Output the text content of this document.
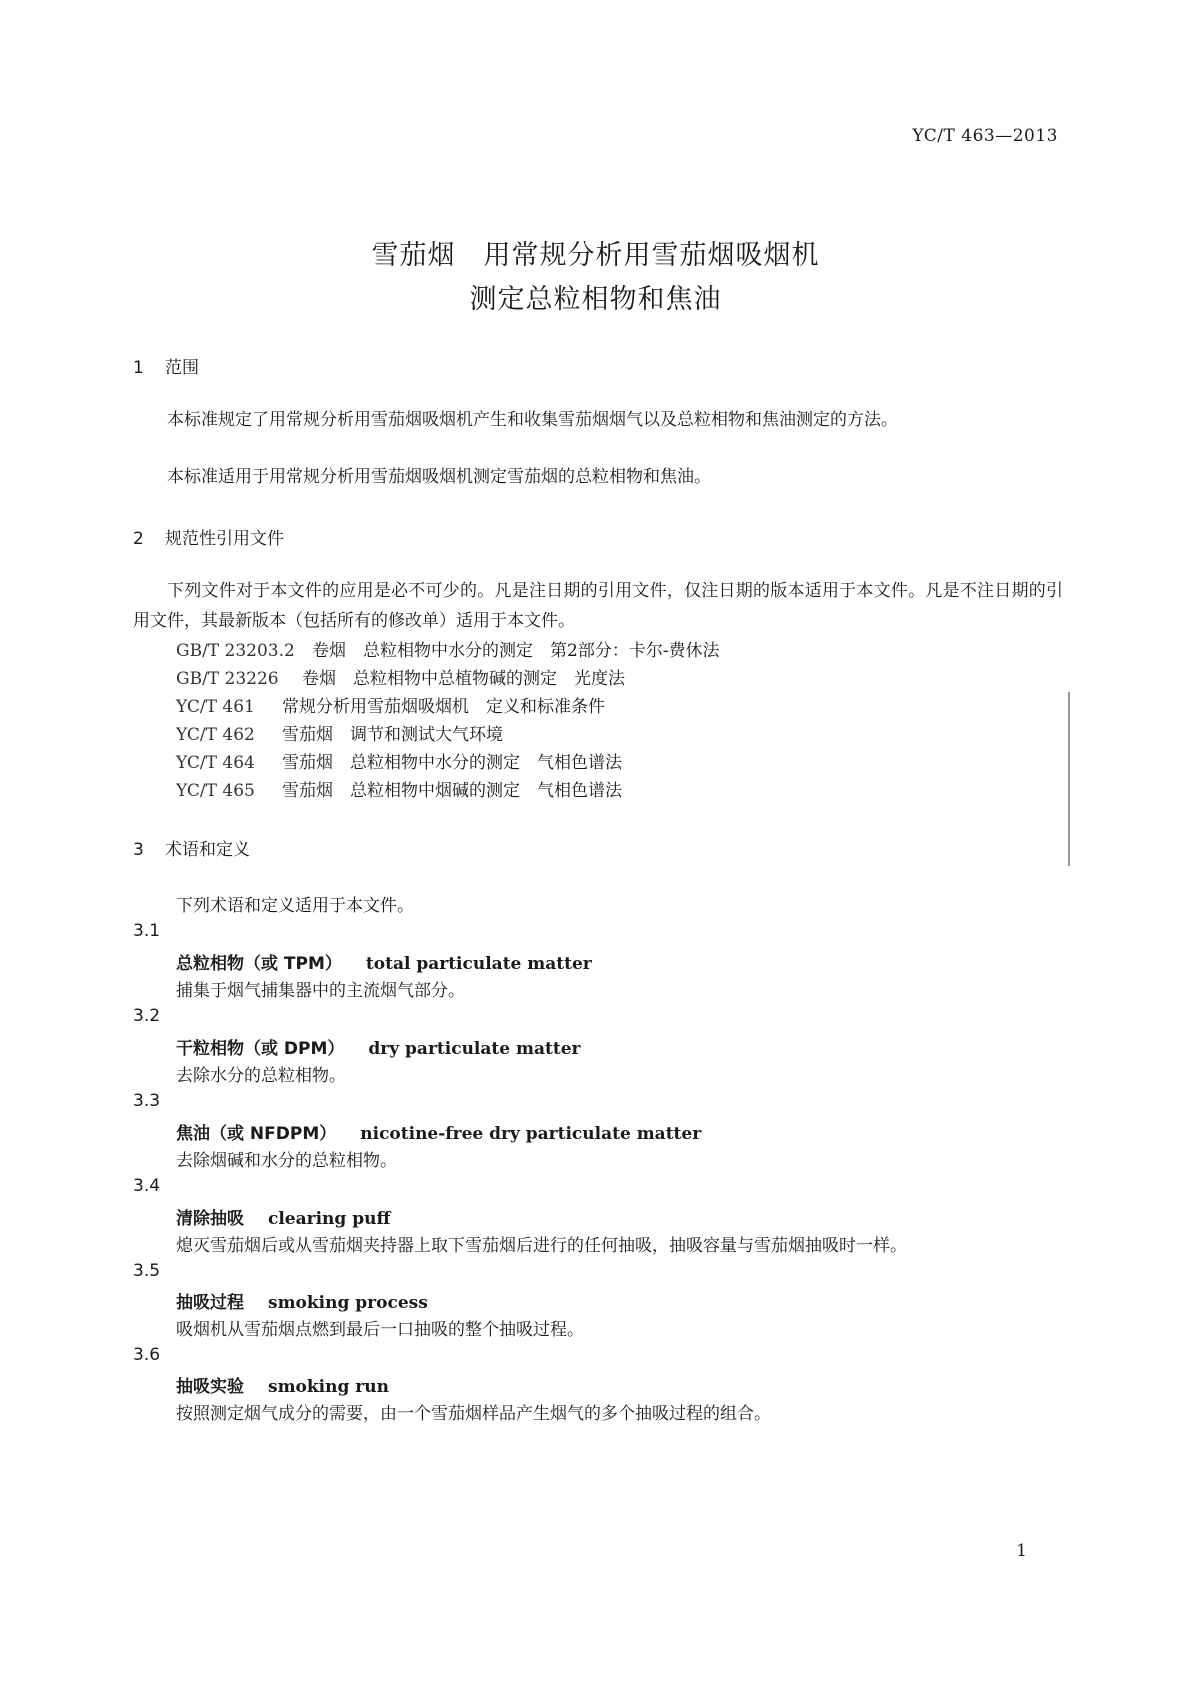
YC/T 463—2013
雪茄烟　用常规分析用雪茄烟吸烟机
测定总粒相物和焦油
1 范围
本标准规定了用常规分析用雪茄烟吸烟机产生和收集雪茄烟烟气以及总粒相物和焦油测定的方法。
本标准适用于用常规分析用雪茄烟吸烟机测定雪茄烟的总粒相物和焦油。
2 规范性引用文件
下列文件对于本文件的应用是必不可少的。凡是注日期的引用文件，仅注日期的版本适用于本文件。凡是不注日期的引用文件，其最新版本（包括所有的修改单）适用于本文件。
GB/T 23203.2 卷烟　总粒相物中水分的测定　第2部分：卡尔-费休法
GB/T 23226 卷烟　总粒相物中总植物碱的测定　光度法
YC/T 461 常规分析用雪茄烟吸烟机　定义和标准条件
YC/T 462 雪茄烟　调节和测试大气环境
YC/T 464 雪茄烟　总粒相物中水分的测定　气相色谱法
YC/T 465 雪茄烟　总粒相物中烟碱的测定　气相色谱法
3 术语和定义
下列术语和定义适用于本文件。
3.1
总粒相物（或 TPM） total particulate matter
捕集于烟气捕集器中的主流烟气部分。
3.2
干粒相物（或 DPM） dry particulate matter
去除水分的总粒相物。
3.3
焦油（或 NFDPM） nicotine-free dry particulate matter
去除烟碱和水分的总粒相物。
3.4
清除抽吸 clearing puff
熄灭雪茄烟后或从雪茄烟夹持器上取下雪茄烟后进行的任何抽吸，抽吸容量与雪茄烟抽吸时一样。
3.5
抽吸过程 smoking process
吸烟机从雪茄烟点燃到最后一口抽吸的整个抽吸过程。
3.6
抽吸实验 smoking run
按照测定烟气成分的需要，由一个雪茄烟样品产生烟气的多个抽吸过程的组合。
1
